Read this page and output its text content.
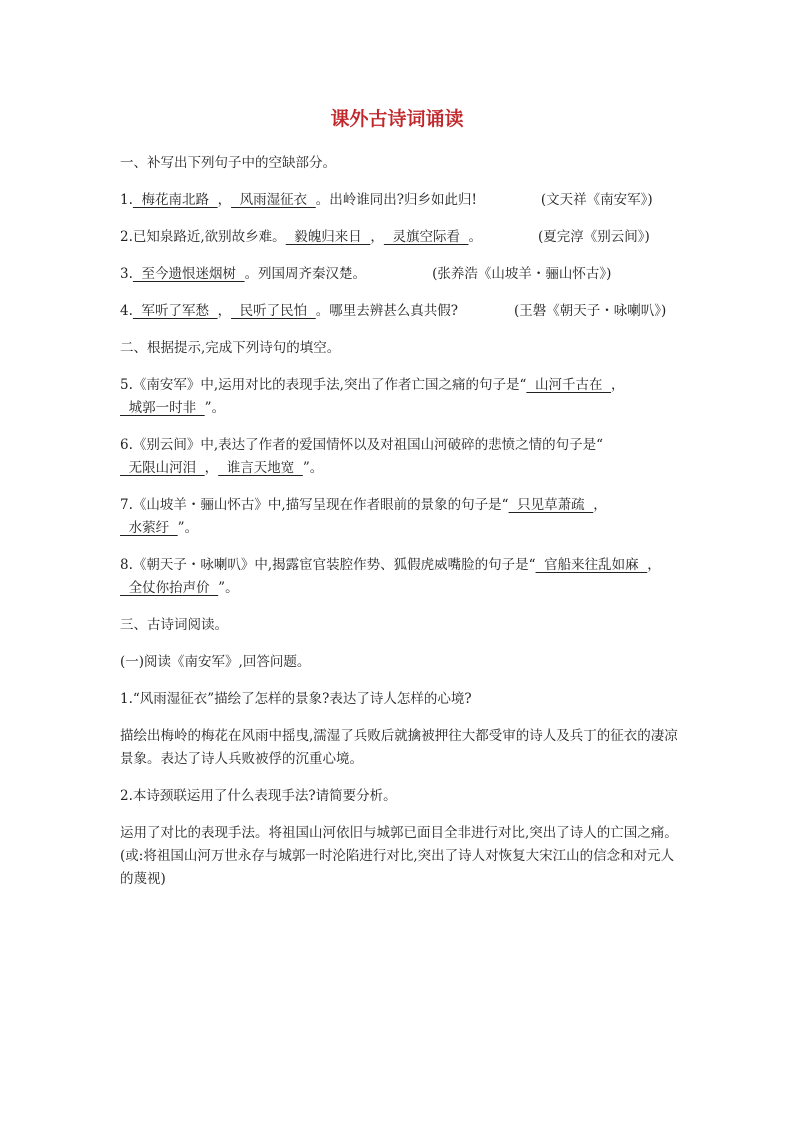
课外古诗词诵读

一、补写出下列句子中的空缺部分。

1.  梅花南北路  ，  风雨湿征衣  。出岭谁同出?归乡如此归!	(文天祥《南安军》)

2.已知泉路近,欲别故乡难。  毅魄归来日  ，  灵旗空际看  。	(夏完淳《别云间》)

3.  至今遗恨迷烟树  。列国周齐秦汉楚。	(张养浩《山坡羊・骊山怀古》)

4.  军听了军愁  ，  民听了民怕  。哪里去辨甚么真共假?	(王磐《朝天子・咏喇叭》)

二、根据提示,完成下列诗句的填空。

5.《南安军》中,运用对比的表现手法,突出了作者亡国之痛的句子是“  山河千古在  ，  城郭一时非  ”。

6.《别云间》中,表达了作者的爱国情怀以及对祖国山河破碎的悲愤之情的句子是“  无限山河泪  ，  谁言天地宽  ”。

7.《山坡羊・骊山怀古》中,描写呈现在作者眼前的景象的句子是“  只见草萧疏  ，  水萦纡  ”。

8.《朝天子・咏喇叭》中,揭露宦官装腔作势、狐假虎威嘴脸的句子是“  官船来往乱如麻  ，  全仗你抬声价  ”。

三、古诗词阅读。

(一)阅读《南安军》,回答问题。

1.“风雨湿征衣”描绘了怎样的景象?表达了诗人怎样的心境?

描绘出梅岭的梅花在风雨中摇曳,濡湿了兵败后就擒被押往大都受审的诗人及兵丁的征衣的凄凉景象。表达了诗人兵败被俘的沉重心境。

2.本诗颈联运用了什么表现手法?请简要分析。

运用了对比的表现手法。将祖国山河依旧与城郭已面目全非进行对比,突出了诗人的亡国之痛。(或:将祖国山河万世永存与城郭一时沦陷进行对比,突出了诗人对恢复大宋江山的信念和对元人的蔑视)
